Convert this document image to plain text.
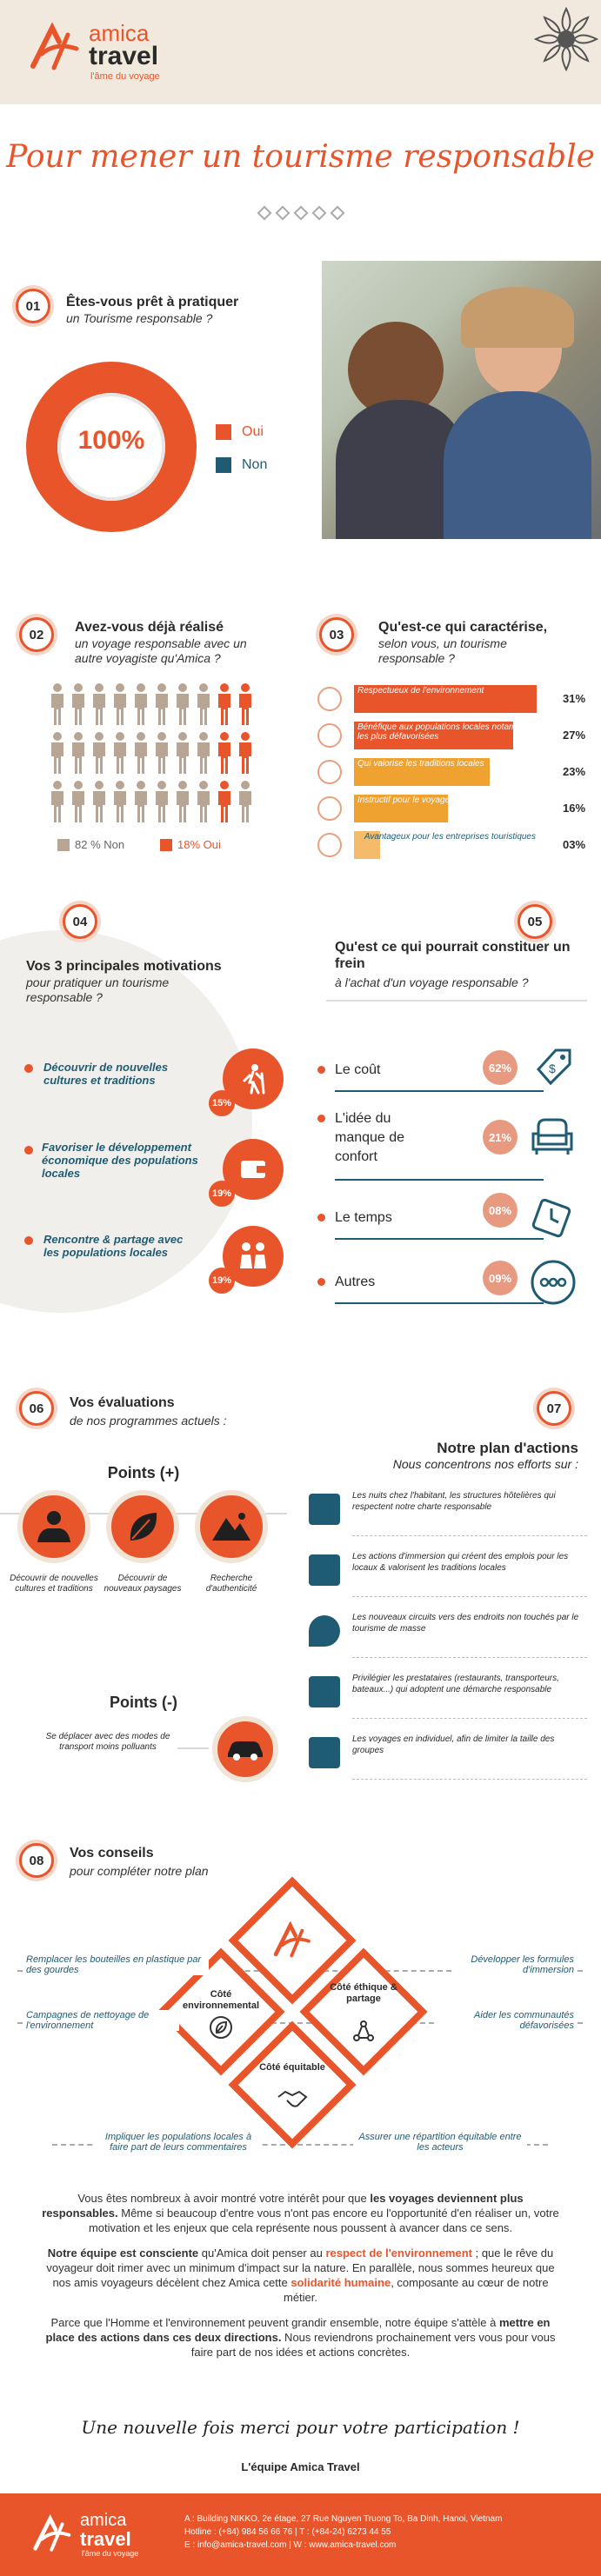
amica
travel
l'âme du voyage
Pour mener un tourisme responsable
01	Êtes-vous prêt à pratiquer
un Tourisme responsable ?
100%	Oui
Non
02	Avez-vous déjà réalisé
un voyage responsable avec un autre voyagiste qu'Amica ?
82 % Non	18% Oui
03	Qu'est-ce qui caractérise,
selon vous, un tourisme responsable ?
Respectueux de l'environnement
31%
Bénéfique aux populations locales notamment les plus défavorisées	27%
Qui valorise les traditions locales
23%
Instructif pour le voyageur
16%
Avantageux pour les entreprises touristiques
03%
04
Vos 3 principales motivations
pour pratiquer un tourisme responsable ?
Découvrir de nouvelles cultures et traditions
15%
Favoriser le développement économique des populations locales
19%
Rencontre & partage avec les populations locales
19%
05
Qu'est ce qui pourrait constituer un frein
à l'achat d'un voyage responsable ?
Le coût	62%	$
L'idée du manque de confort
21%
Le temps	08%
Autres	09%
06	Vos évaluations
de nos programmes actuels :
Points (+)
Découvrir de nouvelles cultures et traditions
Découvrir de nouveaux paysages
Recherche d'authenticité
Points (-)
Se déplacer avec des modes de transport moins polluants
07
Notre plan d'actions
Nous concentrons nos efforts sur :
Les nuits chez l'habitant, les structures hôtelières qui respectent notre charte responsable
Les actions d'immersion qui créent des emplois pour les locaux & valorisent les traditions locales
Les nouveaux circuits vers des endroits non touchés par le tourisme de masse
Privilégier les prestataires (restaurants, transporteurs, bateaux...) qui adoptent une démarche responsable
Les voyages en individuel, afin de limiter la taille des groupes
08	Vos conseils
pour compléter notre plan
Côté environnemental
Côté éthique & partage
Côté équitable
Remplacer les bouteilles en plastique par des gourdes
Campagnes de nettoyage de l'environnement
Développer les formules d'immersion
Aider les communautés défavorisées
Impliquer les populations locales à faire part de leurs commentaires
Assurer une répartition équitable entre les acteurs

Vous êtes nombreux à avoir montré votre intérêt pour que les voyages deviennent plus responsables. Même si beaucoup d'entre vous n'ont pas encore eu l'opportunité d'en réaliser un, votre motivation et les enjeux que cela représente nous poussent à avancer dans ce sens.

Notre équipe est consciente qu'Amica doit penser au respect de l'environnement ; que le rêve du voyageur doit rimer avec un minimum d'impact sur la nature. En parallèle, nous sommes heureux que nos amis voyageurs décèlent chez Amica cette solidarité humaine, composante au cœur de notre métier.

Parce que l'Homme et l'environnement peuvent grandir ensemble, notre équipe s'attèle à mettre en place des actions dans ces deux directions. Nous reviendrons prochainement vers vous pour vous faire part de nos idées et actions concrètes.

Une nouvelle fois merci pour votre participation !
L'équipe Amica Travel
amica
travel
l'âme du voyage
A : Building NIKKO, 2e étage, 27 Rue Nguyen Truong To, Ba Dinh, Hanoi, Vietnam
Hotline : (+84) 984 56 66 76 | T : (+84-24) 6273 44 55
E : info@amica-travel.com | W : www.amica-travel.com
